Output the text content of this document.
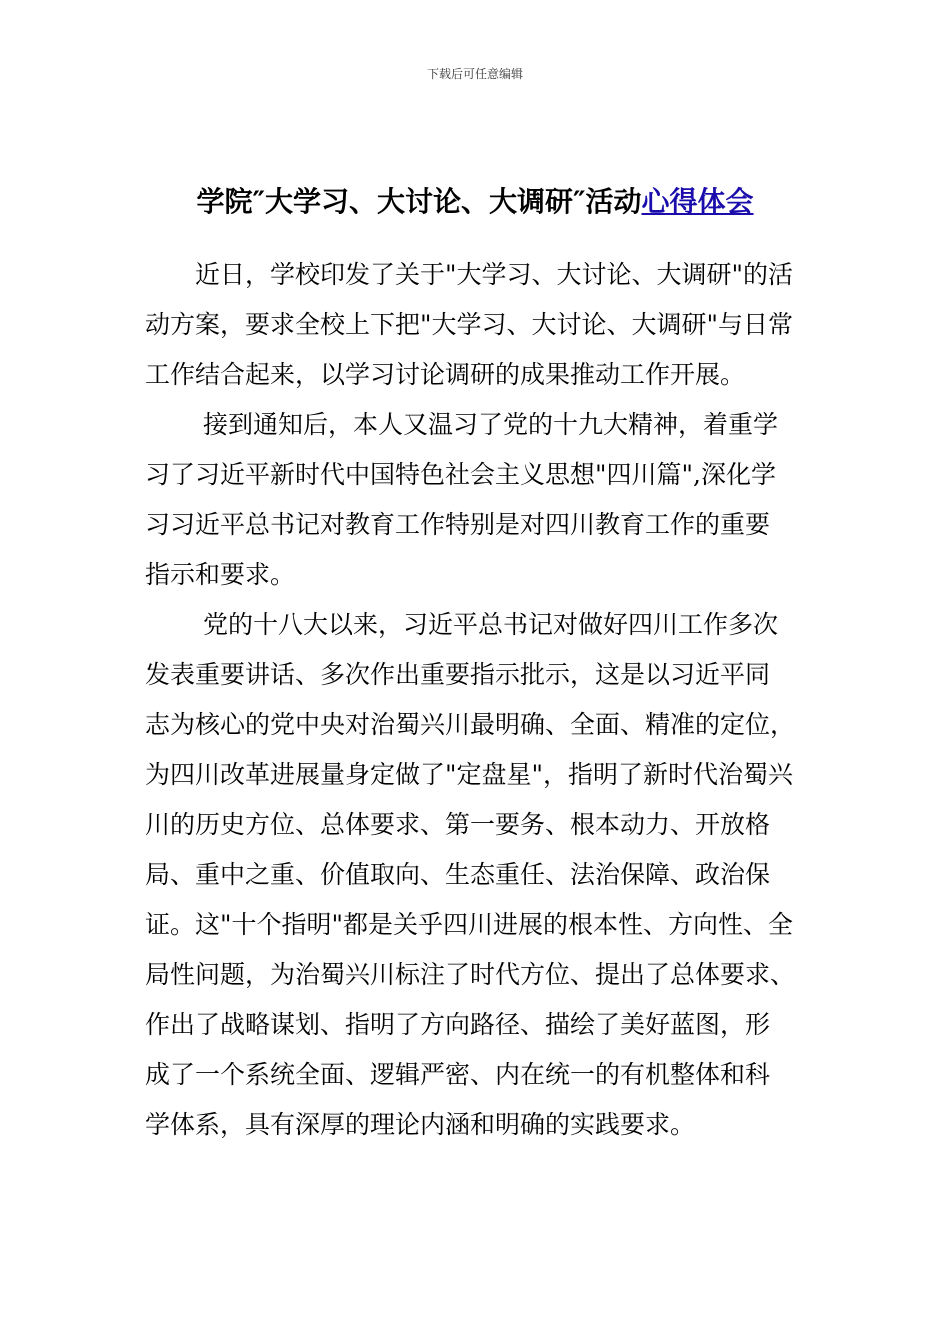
下载后可任意编辑
学院″大学习、大讨论、大调研″活动心得体会

近日，学校印发了关于"大学习、大讨论、大调研"的活
动方案，要求全校上下把"大学习、大讨论、大调研"与日常
工作结合起来，以学习讨论调研的成果推动工作开展。

接到通知后，本人又温习了党的十九大精神，着重学
习了习近平新时代中国特色社会主义思想"四川篇",深化学
习习近平总书记对教育工作特别是对四川教育工作的重要
指示和要求。

党的十八大以来，习近平总书记对做好四川工作多次
发表重要讲话、多次作出重要指示批示，这是以习近平同
志为核心的党中央对治蜀兴川最明确、全面、精准的定位，
为四川改革进展量身定做了"定盘星"，指明了新时代治蜀兴
川的历史方位、总体要求、第一要务、根本动力、开放格
局、重中之重、价值取向、生态重任、法治保障、政治保
证。这"十个指明"都是关乎四川进展的根本性、方向性、全
局性问题，为治蜀兴川标注了时代方位、提出了总体要求、
作出了战略谋划、指明了方向路径、描绘了美好蓝图，形
成了一个系统全面、逻辑严密、内在统一的有机整体和科
学体系，具有深厚的理论内涵和明确的实践要求。
